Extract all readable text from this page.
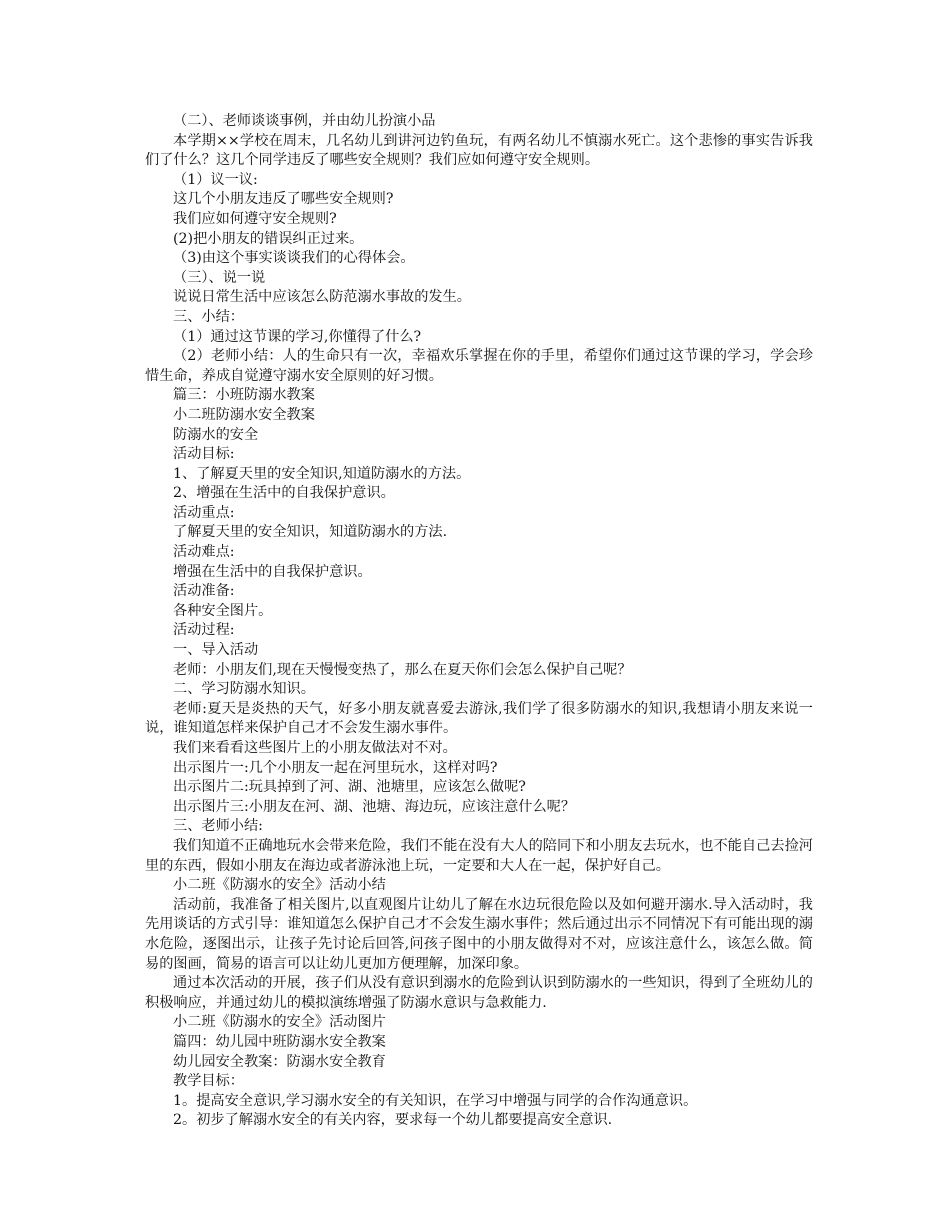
（二）、老师谈谈事例，并由幼儿扮演小品

本学期××学校在周末，几名幼儿到讲河边钓鱼玩，有两名幼儿不慎溺水死亡。这个悲惨的事实告诉我们了什么？这几个同学违反了哪些安全规则？我们应如何遵守安全规则。

（1）议一议:

这几个小朋友违反了哪些安全规则?

我们应如何遵守安全规则?

(2)把小朋友的错误纠正过来。

（3)由这个事实谈谈我们的心得体会。

（三）、说一说

说说日常生活中应该怎么防范溺水事故的发生。

三、小结：

（1）通过这节课的学习,你懂得了什么?

（2）老师小结：人的生命只有一次，幸福欢乐掌握在你的手里，希望你们通过这节课的学习，学会珍惜生命，养成自觉遵守溺水安全原则的好习惯。

篇三：小班防溺水教案

小二班防溺水安全教案

防溺水的安全

活动目标:

1、了解夏天里的安全知识,知道防溺水的方法。

2、增强在生活中的自我保护意识。

活动重点:

了解夏天里的安全知识，知道防溺水的方法.

活动难点:

增强在生活中的自我保护意识。

活动准备:

各种安全图片。

活动过程:

一、导入活动

老师：小朋友们,现在天慢慢变热了，那么在夏天你们会怎么保护自己呢？

二、学习防溺水知识。

老师:夏天是炎热的天气，好多小朋友就喜爱去游泳,我们学了很多防溺水的知识,我想请小朋友来说一说，谁知道怎样来保护自己才不会发生溺水事件。

我们来看看这些图片上的小朋友做法对不对。

出示图片一:几个小朋友一起在河里玩水，这样对吗?

出示图片二:玩具掉到了河、湖、池塘里，应该怎么做呢?

出示图片三:小朋友在河、湖、池塘、海边玩，应该注意什么呢？

三、老师小结:

我们知道不正确地玩水会带来危险，我们不能在没有大人的陪同下和小朋友去玩水，也不能自己去捡河里的东西，假如小朋友在海边或者游泳池上玩，一定要和大人在一起，保护好自己。

小二班《防溺水的安全》活动小结

活动前，我准备了相关图片,以直观图片让幼儿了解在水边玩很危险以及如何避开溺水.导入活动时，我先用谈话的方式引导：谁知道怎么保护自己才不会发生溺水事件；然后通过出示不同情况下有可能出现的溺水危险，逐图出示，让孩子先讨论后回答,问孩子图中的小朋友做得对不对，应该注意什么，该怎么做。简易的图画，简易的语言可以让幼儿更加方便理解，加深印象。

通过本次活动的开展，孩子们从没有意识到溺水的危险到认识到防溺水的一些知识，得到了全班幼儿的积极响应，并通过幼儿的模拟演练增强了防溺水意识与急救能力.

小二班《防溺水的安全》活动图片

篇四：幼儿园中班防溺水安全教案

幼儿园安全教案：防溺水安全教育

教学目标：

1。提高安全意识,学习溺水安全的有关知识，在学习中增强与同学的合作沟通意识。

2。初步了解溺水安全的有关内容，要求每一个幼儿都要提高安全意识.
